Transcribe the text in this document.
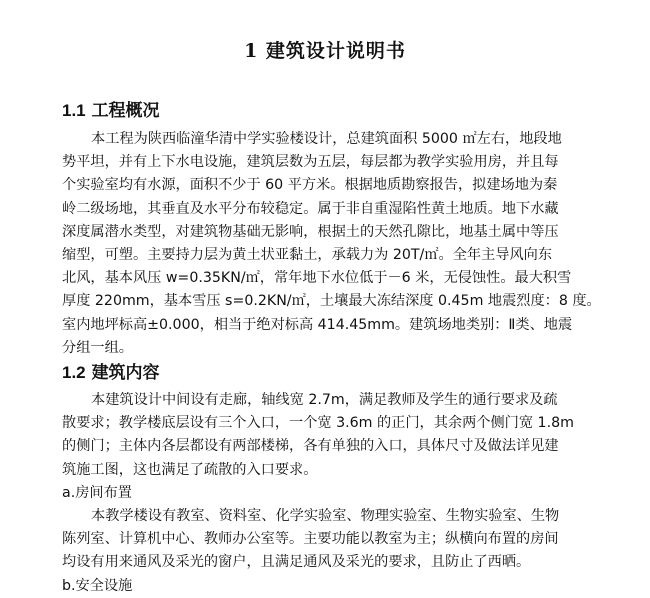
1 建筑设计说明书
1.1 工程概况
本工程为陕西临潼华清中学实验楼设计，总建筑面积 5000 ㎡左右，地段地
势平坦，并有上下水电设施，建筑层数为五层，每层都为教学实验用房，并且每
个实验室均有水源，面积不少于 60 平方米。根据地质勘察报告，拟建场地为秦
岭二级场地，其垂直及水平分布较稳定。属于非自重湿陷性黄土地质。地下水藏
深度属潜水类型，对建筑物基础无影响，根据土的天然孔隙比，地基土属中等压
缩型，可塑。主要持力层为黄土状亚黏土，承载力为 20T/㎡。全年主导风向东
北风，基本风压 w=0.35KN/㎡，常年地下水位低于－6 米，无侵蚀性。最大积雪
厚度 220mm，基本雪压 s=0.2KN/㎡，土壤最大冻结深度 0.45m 地震烈度：8 度。
室内地坪标高±0.000，相当于绝对标高 414.45mm。建筑场地类别：Ⅱ类、地震
分组一组。
1.2 建筑内容
本建筑设计中间设有走廊，轴线宽 2.7m，满足教师及学生的通行要求及疏
散要求；教学楼底层设有三个入口，一个宽 3.6m 的正门，其余两个侧门宽 1.8m
的侧门；主体内各层都设有两部楼梯，各有单独的入口，具体尺寸及做法详见建
筑施工图，这也满足了疏散的入口要求。
a.房间布置
本教学楼设有教室、资料室、化学实验室、物理实验室、生物实验室、生物
陈列室、计算机中心、教师办公室等。主要功能以教室为主；纵横向布置的房间
均设有用来通风及采光的窗户，且满足通风及采光的要求，且防止了西晒。
b.安全设施
